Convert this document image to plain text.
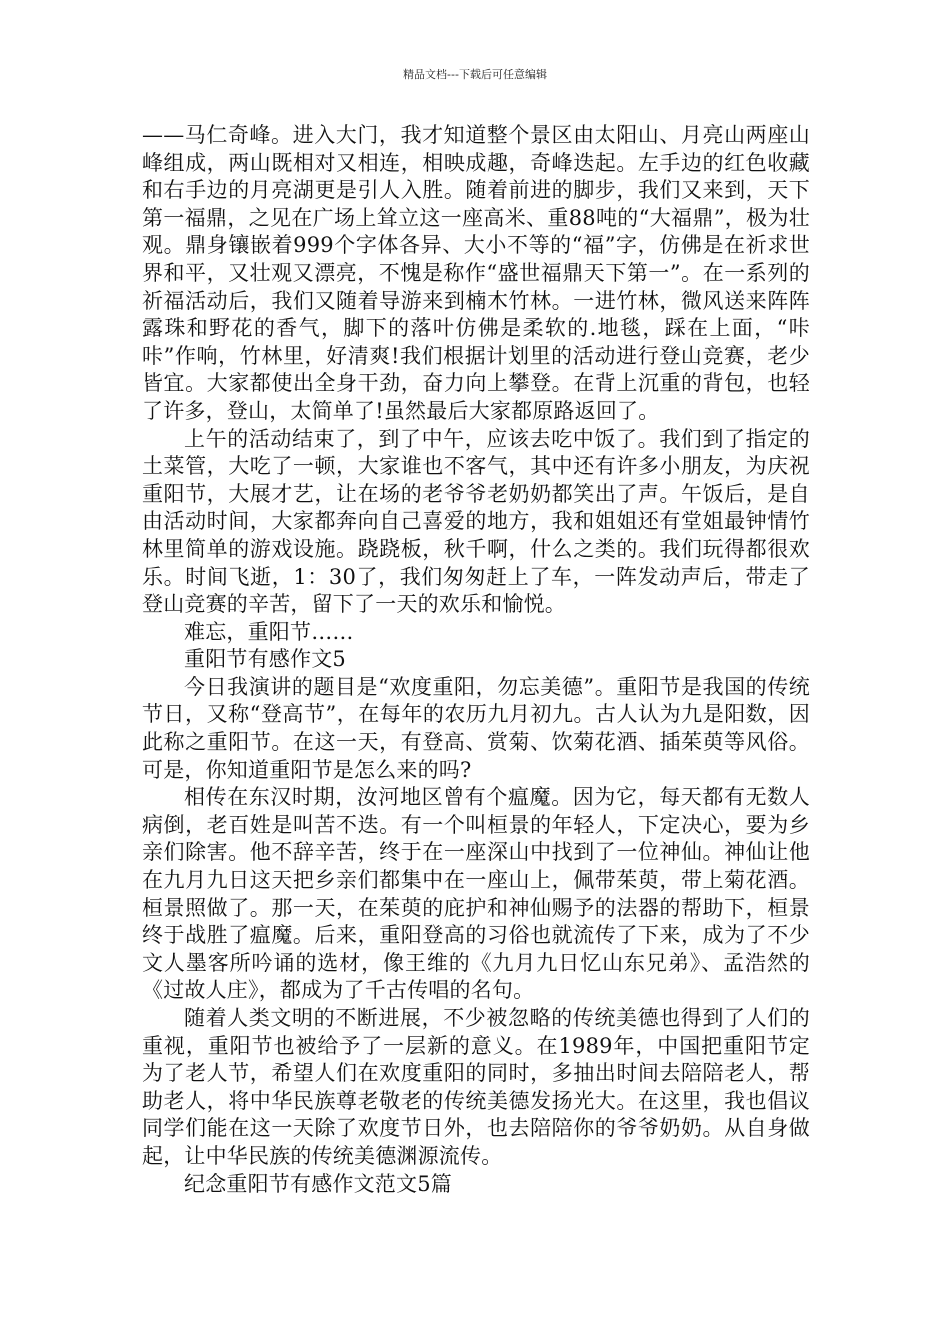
精品文档---下载后可任意编辑

——马仁奇峰。进入大门，我才知道整个景区由太阳山、月亮山两座山峰组成，两山既相对又相连，相映成趣，奇峰迭起。左手边的红色收藏和右手边的月亮湖更是引人入胜。随着前进的脚步，我们又来到，天下第一福鼎，之见在广场上耸立这一座高米、重88吨的“大福鼎”，极为壮观。鼎身镶嵌着999个字体各异、大小不等的“福”字，仿佛是在祈求世界和平，又壮观又漂亮，不愧是称作“盛世福鼎天下第一”。在一系列的祈福活动后，我们又随着导游来到楠木竹林。一进竹林，微风送来阵阵露珠和野花的香气，脚下的落叶仿佛是柔软的.地毯，踩在上面，“咔咔”作响，竹林里，好清爽!我们根据计划里的活动进行登山竞赛，老少皆宜。大家都使出全身干劲，奋力向上攀登。在背上沉重的背包，也轻了许多，登山，太简单了!虽然最后大家都原路返回了。

上午的活动结束了，到了中午，应该去吃中饭了。我们到了指定的土菜管，大吃了一顿，大家谁也不客气，其中还有许多小朋友，为庆祝重阳节，大展才艺，让在场的老爷爷老奶奶都笑出了声。午饭后，是自由活动时间，大家都奔向自己喜爱的地方，我和姐姐还有堂姐最钟情竹林里简单的游戏设施。跷跷板，秋千啊，什么之类的。我们玩得都很欢乐。时间飞逝，1：30了，我们匆匆赶上了车，一阵发动声后，带走了登山竞赛的辛苦，留下了一天的欢乐和愉悦。

难忘，重阳节……

重阳节有感作文5

今日我演讲的题目是“欢度重阳，勿忘美德”。重阳节是我国的传统节日，又称“登高节”，在每年的农历九月初九。古人认为九是阳数，因此称之重阳节。在这一天，有登高、赏菊、饮菊花酒、插茱萸等风俗。可是，你知道重阳节是怎么来的吗?

相传在东汉时期，汝河地区曾有个瘟魔。因为它，每天都有无数人病倒，老百姓是叫苦不迭。有一个叫桓景的年轻人，下定决心，要为乡亲们除害。他不辞辛苦，终于在一座深山中找到了一位神仙。神仙让他在九月九日这天把乡亲们都集中在一座山上，佩带茱萸，带上菊花酒。桓景照做了。那一天，在茱萸的庇护和神仙赐予的法器的帮助下，桓景终于战胜了瘟魔。后来，重阳登高的习俗也就流传了下来，成为了不少文人墨客所吟诵的选材，像王维的《九月九日忆山东兄弟》、孟浩然的《过故人庄》，都成为了千古传唱的名句。

随着人类文明的不断进展，不少被忽略的传统美德也得到了人们的重视，重阳节也被给予了一层新的意义。在1989年，中国把重阳节定为了老人节，希望人们在欢度重阳的同时，多抽出时间去陪陪老人，帮助老人，将中华民族尊老敬老的传统美德发扬光大。在这里，我也倡议同学们能在这一天除了欢度节日外，也去陪陪你的爷爷奶奶。从自身做起，让中华民族的传统美德渊源流传。

纪念重阳节有感作文范文5篇
